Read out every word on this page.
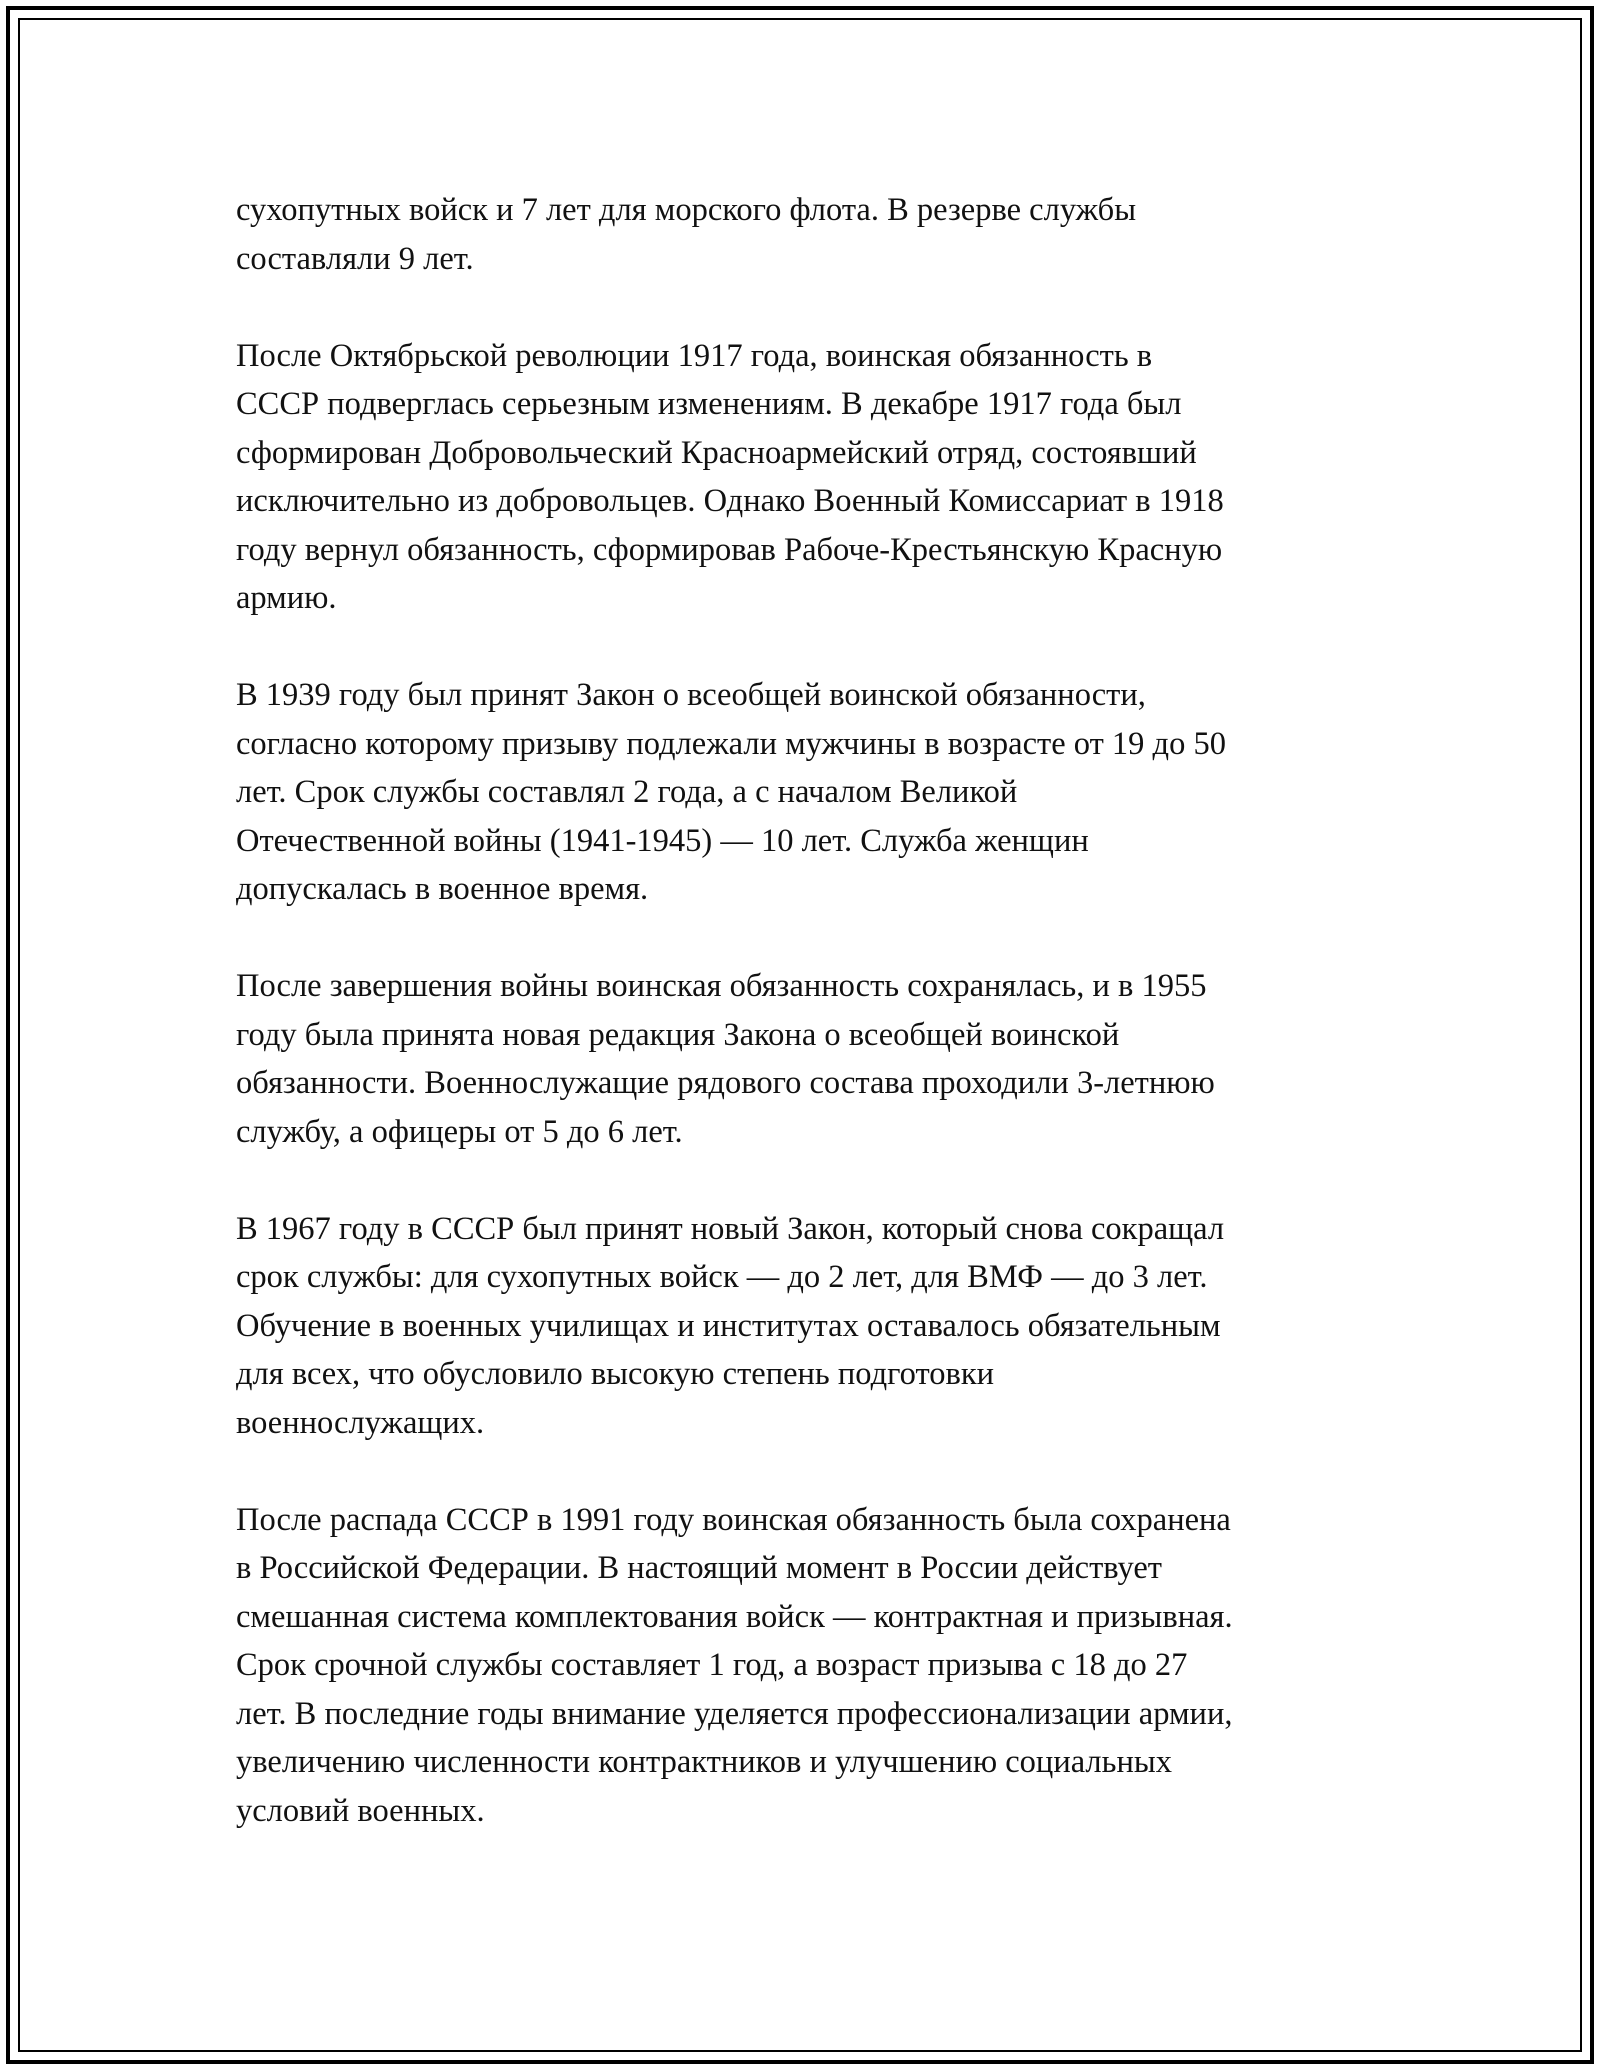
сухопутных войск и 7 лет для морского флота. В резерве службы
составляли 9 лет.

После Октябрьской революции 1917 года, воинская обязанность в
СССР подверглась серьезным изменениям. В декабре 1917 года был
сформирован Добровольческий Красноармейский отряд, состоявший
исключительно из добровольцев. Однако Военный Комиссариат в 1918
году вернул обязанность, сформировав Рабоче-Крестьянскую Красную
армию.

В 1939 году был принят Закон о всеобщей воинской обязанности,
согласно которому призыву подлежали мужчины в возрасте от 19 до 50
лет. Срок службы составлял 2 года, а с началом Великой
Отечественной войны (1941-1945) — 10 лет. Служба женщин
допускалась в военное время.

После завершения войны воинская обязанность сохранялась, и в 1955
году была принята новая редакция Закона о всеобщей воинской
обязанности. Военнослужащие рядового состава проходили 3-летнюю
службу, а офицеры от 5 до 6 лет.

В 1967 году в СССР был принят новый Закон, который снова сокращал
срок службы: для сухопутных войск — до 2 лет, для ВМФ — до 3 лет.
Обучение в военных училищах и институтах оставалось обязательным
для всех, что обусловило высокую степень подготовки
военнослужащих.

После распада СССР в 1991 году воинская обязанность была сохранена
в Российской Федерации. В настоящий момент в России действует
смешанная система комплектования войск — контрактная и призывная.
Срок срочной службы составляет 1 год, а возраст призыва с 18 до 27
лет. В последние годы внимание уделяется профессионализации армии,
увеличению численности контрактников и улучшению социальных
условий военных.
